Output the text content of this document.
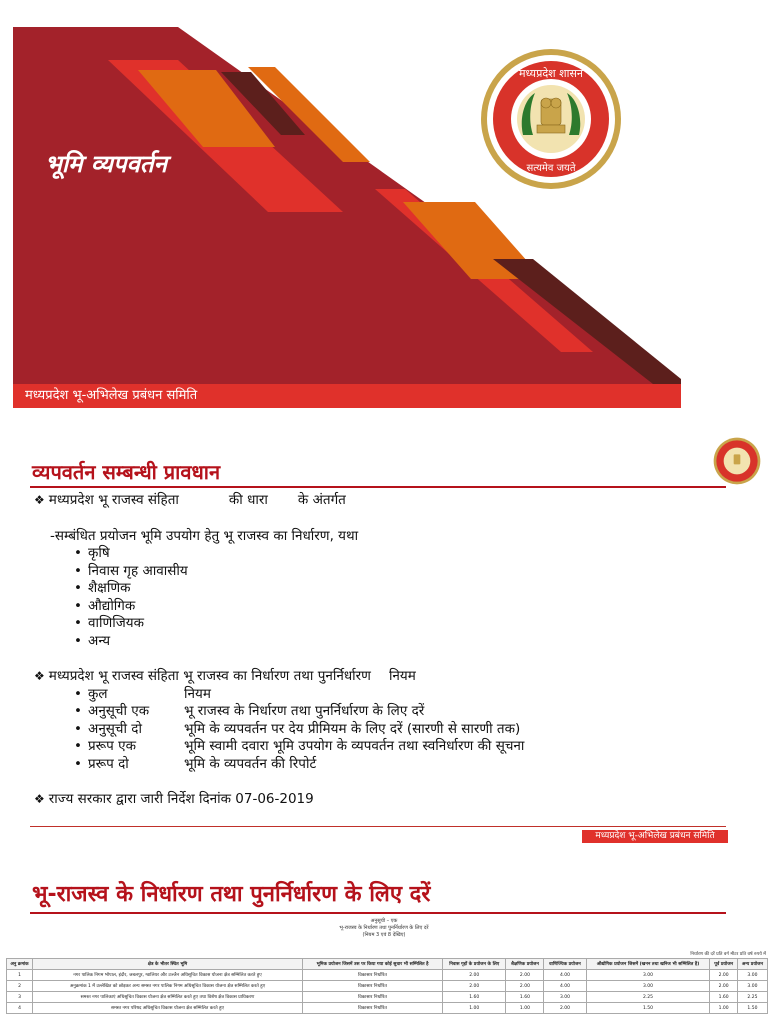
भूमि व्यपवर्तन
मध्यप्रदेश भू-अभिलेख प्रबंधन समिति
मध्यप्रदेश शासन
सत्यमेव जयते
व्यपवर्तन सम्बन्धी प्रावधान
❖ मध्यप्रदेश भू राजस्व संहिता	की धारा के अंतर्गत
-सम्बंधित प्रयोजन भूमि उपयोग हेतु भू राजस्व का निर्धारण, यथा
• कृषि
• निवास गृह आवासीय
• शैक्षणिक
• औद्योगिक
• वाणिजियक
• अन्य
❖ मध्यप्रदेश भू राजस्व संहिता भू राजस्व का निर्धारण तथा पुनर्निर्धारण नियम
• कुल	नियम
• अनुसूची एक	भू राजस्व के निर्धारण तथा पुनर्निर्धारण के लिए दरें
• अनुसूची दो	भूमि के व्यपवर्तन पर देय प्रीमियम के लिए दरें (सारणी से सारणी तक)
• प्ररूप एक	भूमि स्वामी दवारा भूमि उपयोग के व्यपवर्तन तथा स्वनिर्धारण की सूचना
• प्ररूप दो	भूमि के व्यपवर्तन की रिपोर्ट
❖ राज्य सरकार द्वारा जारी निर्देश दिनांक 07-06-2019
मध्यप्रदेश भू-अभिलेख प्रबंधन समिति
भू-राजस्व के निर्धारण तथा पुनर्निर्धारण के लिए दरें
अनुसूची – एक
भू-राजस्व के निर्धारण तथा पुनर्निर्धारण के लिए दरें
(नियम 3 एवं 8 देखिए)
निर्धारण की दरें प्रति वर्ग मीटर प्रति वर्ष रुपये में
अनु क्रमांक	क्षेत्र के भीतर स्थित भूमि	भूमिक प्रयोजन जिसमें उस पर किया गया कोई सुधार भी सम्मिलित है	निवास गृहों के प्रयोजन के लिए	शैक्षणिक प्रयोजन	वाणिज्यिक प्रयोजन	औद्योगिक प्रयोजन जिसमें (खनन तथा खनिज भी सम्मिलित है)	पूर्व प्रयोजन	अन्य प्रयोजन
1	नगर पालिक निगम भोपाल, इंदौर, जबलपुर, ग्वालियर और उज्जैन अधिसूचित विकास योजना क्षेत्र सम्मिलित करते हुए	विकासार निर्धारित	2.00	2.00	4.00	3.00	2.00	3.00
2	अनुक्रमांक 1 में उल्लेखित को छोड़कर अन्य समस्त नगर पालिक निगम अधिसूचित विकास योजना क्षेत्र सम्मिलित करते हुए	विकासार निर्धारित	2.00	2.00	4.00	3.00	2.00	3.00
3	समस्त नगर पालिकाएं अधिसूचित विकास योजना क्षेत्र सम्मिलित करते हुए तथा विशेष क्षेत्र विकास प्राधिकरण	विकासार निर्धारित	1.60	1.60	3.00	2.25	1.60	2.25
4	समस्त नगर परिषद अधिसूचित विकास योजना क्षेत्र सम्मिलित करते हुए	विकासार निर्धारित	1.00	1.00	2.00	1.50	1.00	1.50
